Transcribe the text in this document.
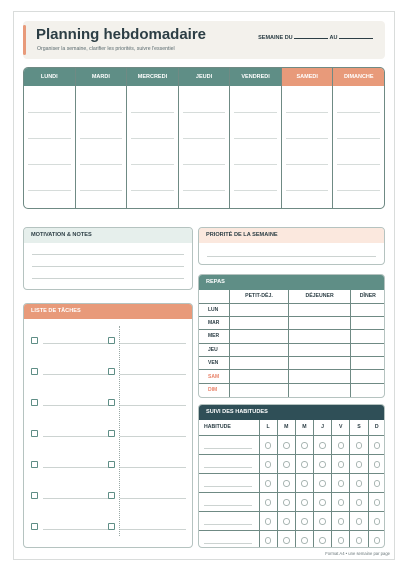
Planning hebdomadaire
Organiser la semaine, clarifier les priorités, suivre l'essentiel
SEMAINE DU	AU
LUNDI	MARDI	MERCREDI	JEUDI	VENDREDI	SAMEDI	DIMANCHE
MOTIVATION & NOTES	PRIORITÉ DE LA SEMAINE
LISTE DE TÂCHES
REPAS
	PETIT-DÉJ.	DÉJEUNER	DÎNER
LUN			
MAR			
MER			
JEU			
VEN			
SAM			
DIM			
SUIVI DES HABITUDES
HABITUDE	L	M	M	J	V	S	D

Format A4 • une semaine par page
